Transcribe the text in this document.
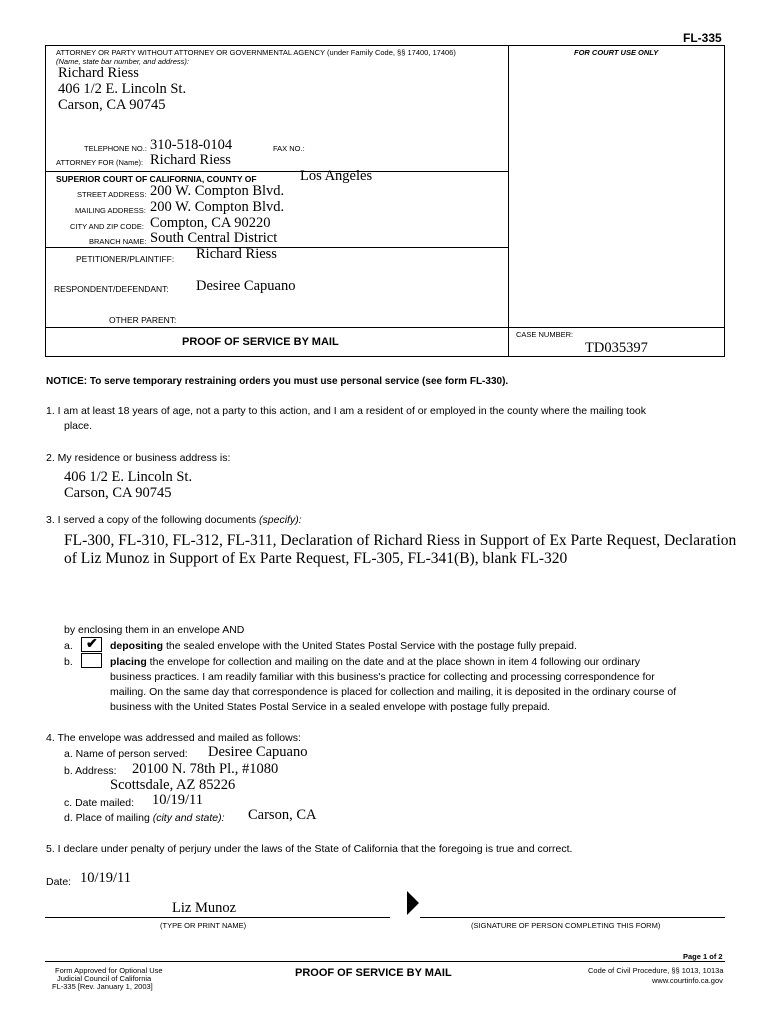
FL-335
ATTORNEY OR PARTY WITHOUT ATTORNEY OR GOVERNMENTAL AGENCY (under Family Code, §§ 17400, 17406)
(Name, state bar number, and address):
Richard Riess
406 1/2 E. Lincoln St.
Carson, CA 90745
FOR COURT USE ONLY
TELEPHONE NO.: 310-518-0104	FAX NO.:
ATTORNEY FOR (Name): Richard Riess
SUPERIOR COURT OF CALIFORNIA, COUNTY OF	Los Angeles
STREET ADDRESS: 200 W. Compton Blvd.
MAILING ADDRESS: 200 W. Compton Blvd.
CITY AND ZIP CODE: Compton, CA 90220
BRANCH NAME: South Central District
PETITIONER/PLAINTIFF: Richard Riess
RESPONDENT/DEFENDANT: Desiree Capuano
OTHER PARENT:
PROOF OF SERVICE BY MAIL
CASE NUMBER:
TD035397
NOTICE: To serve temporary restraining orders you must use personal service (see form FL-330).
1. I am at least 18 years of age, not a party to this action, and I am a resident of or employed in the county where the mailing took
place.
2. My residence or business address is:
406 1/2 E. Lincoln St.
Carson, CA 90745
3. I served a copy of the following documents (specify):
FL-300, FL-310, FL-312, FL-311, Declaration of Richard Riess in Support of Ex Parte Request, Declaration
of Liz Munoz in Support of Ex Parte Request, FL-305, FL-341(B), blank FL-320
by enclosing them in an envelope AND
a. ✔ depositing the sealed envelope with the United States Postal Service with the postage fully prepaid.
b.	placing the envelope for collection and mailing on the date and at the place shown in item 4 following our ordinary
business practices. I am readily familiar with this business's practice for collecting and processing correspondence for
mailing. On the same day that correspondence is placed for collection and mailing, it is deposited in the ordinary course of
business with the United States Postal Service in a sealed envelope with postage fully prepaid.
4. The envelope was addressed and mailed as follows:
a. Name of person served: Desiree Capuano
b. Address: 20100 N. 78th Pl., #1080
Scottsdale, AZ 85226
c. Date mailed: 10/19/11
d. Place of mailing (city and state): Carson, CA
5. I declare under penalty of perjury under the laws of the State of California that the foregoing is true and correct.
Date: 10/19/11
Liz Munoz
(TYPE OR PRINT NAME)	(SIGNATURE OF PERSON COMPLETING THIS FORM)
Page 1 of 2
Form Approved for Optional Use
Judicial Council of California
FL-335 [Rev. January 1, 2003]
PROOF OF SERVICE BY MAIL	Code of Civil Procedure, §§ 1013, 1013a
www.courtinfo.ca.gov
